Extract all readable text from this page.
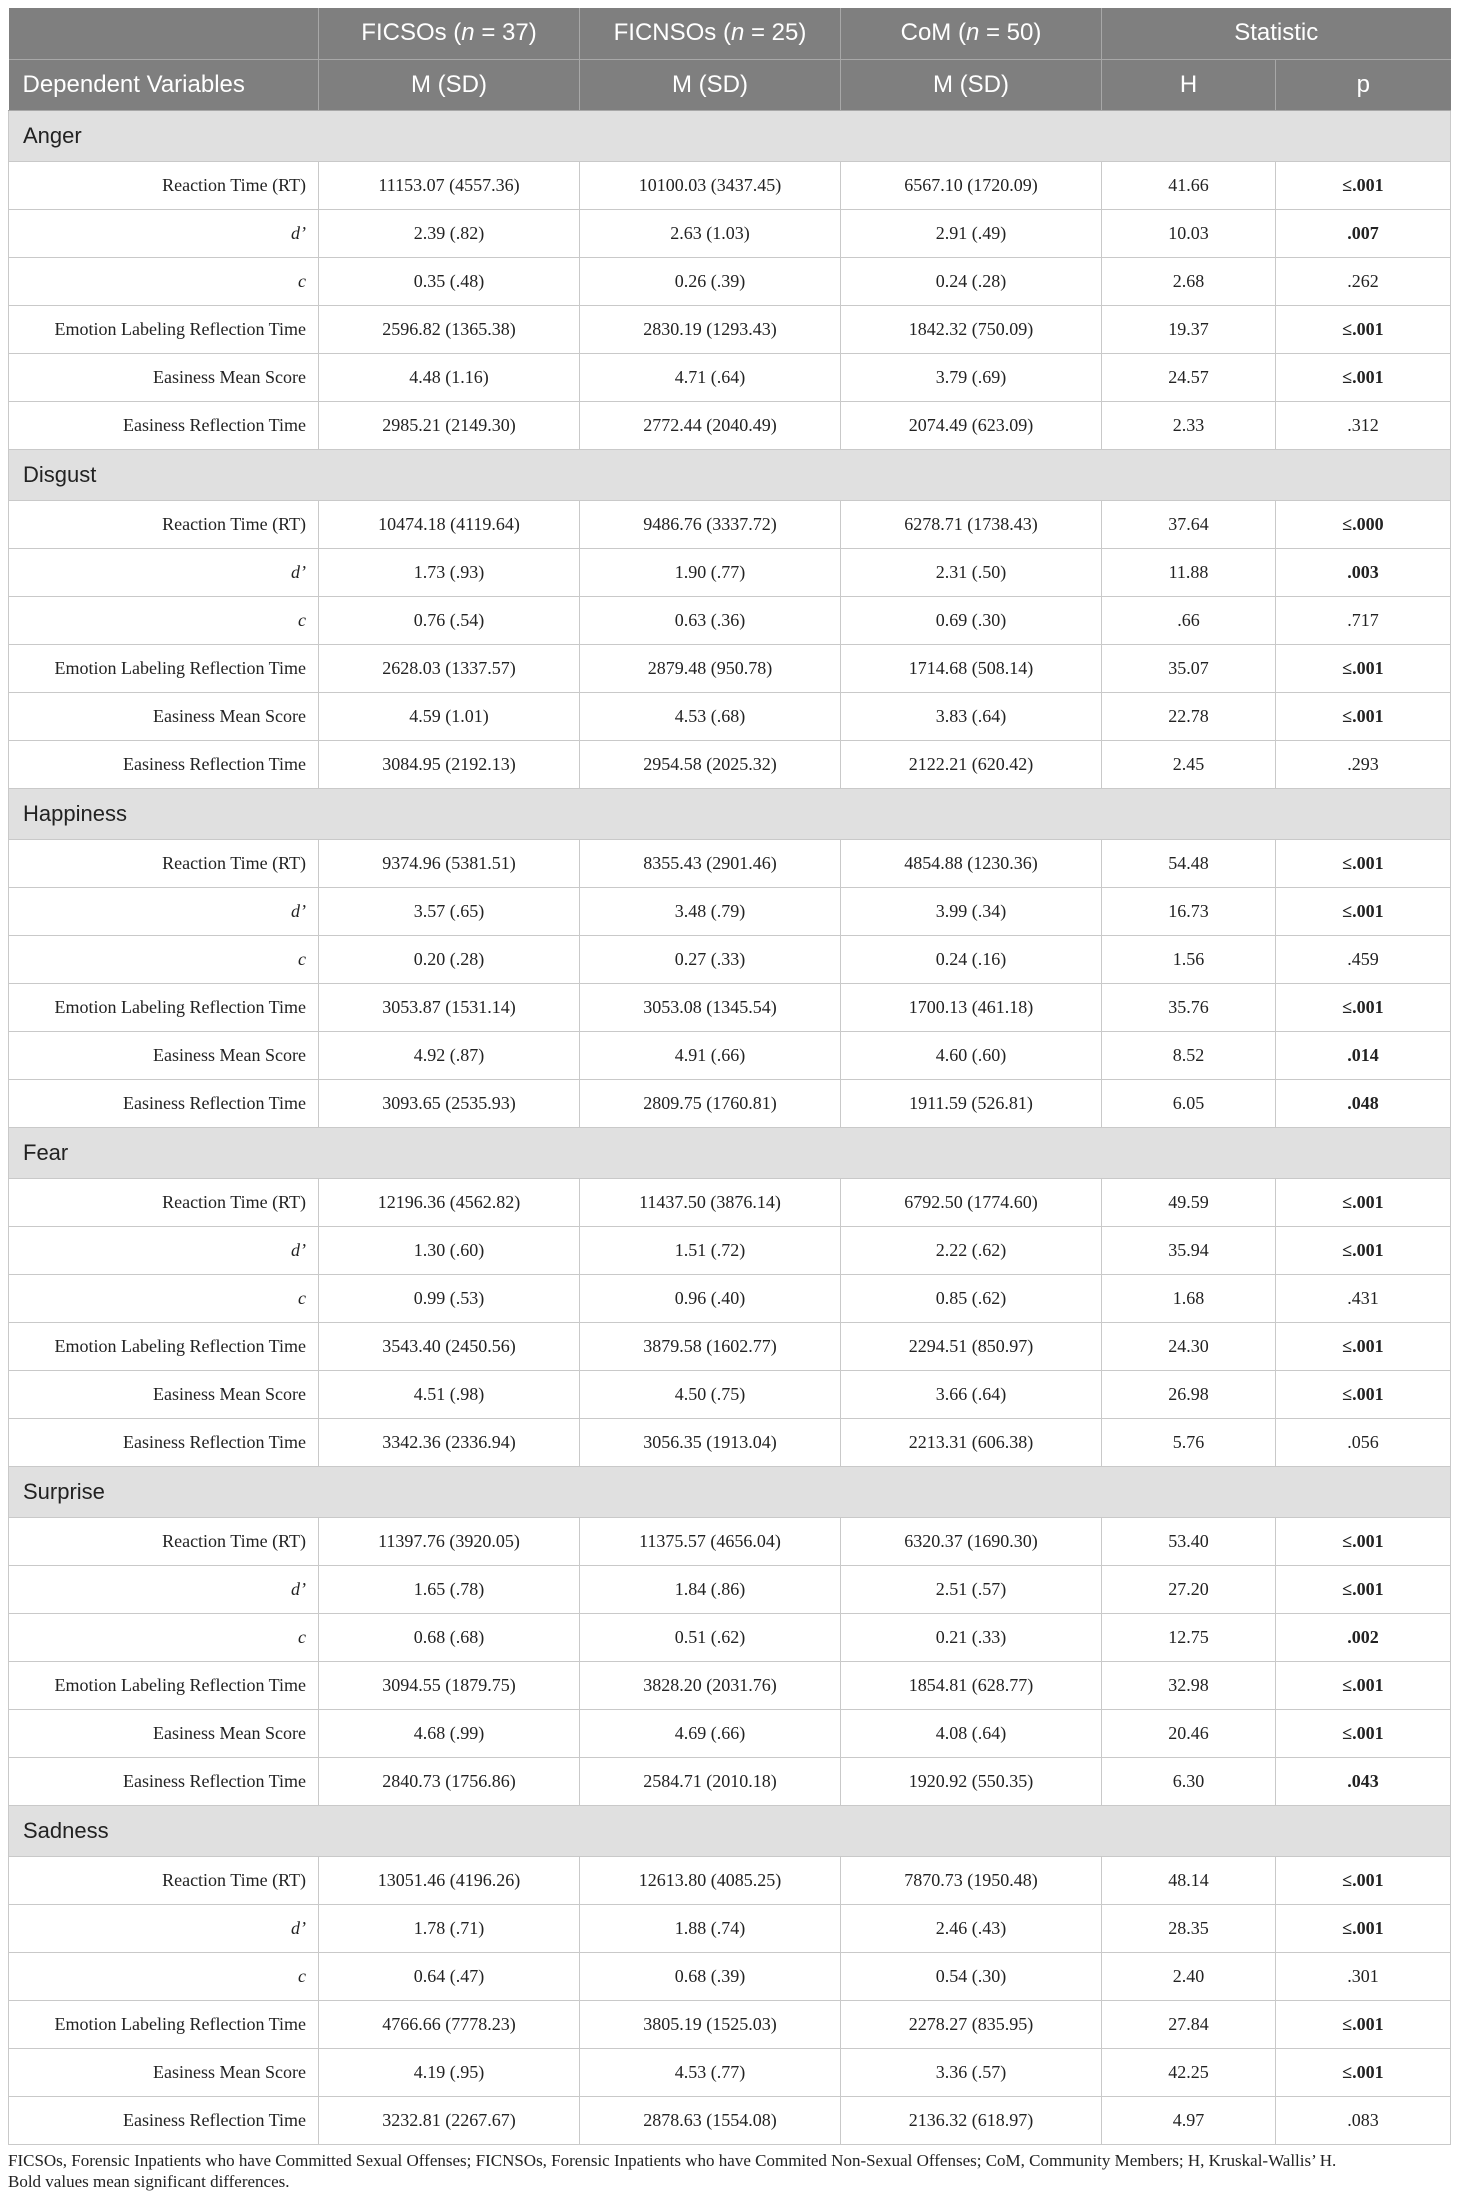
	FICSOs (n = 37)	FICNSOs (n = 25)	CoM (n = 50)	Statistic	
Dependent Variables	M (SD)	M (SD)	M (SD)	H	p
Anger					
Reaction Time (RT)	11153.07 (4557.36)	10100.03 (3437.45)	6567.10 (1720.09)	41.66	≤.001
d’	2.39 (.82)	2.63 (1.03)	2.91 (.49)	10.03	.007
c	0.35 (.48)	0.26 (.39)	0.24 (.28)	2.68	.262
Emotion Labeling Reflection Time	2596.82 (1365.38)	2830.19 (1293.43)	1842.32 (750.09)	19.37	≤.001
Easiness Mean Score	4.48 (1.16)	4.71 (.64)	3.79 (.69)	24.57	≤.001
Easiness Reflection Time	2985.21 (2149.30)	2772.44 (2040.49)	2074.49 (623.09)	2.33	.312
Disgust					
Reaction Time (RT)	10474.18 (4119.64)	9486.76 (3337.72)	6278.71 (1738.43)	37.64	≤.000
d’	1.73 (.93)	1.90 (.77)	2.31 (.50)	11.88	.003
c	0.76 (.54)	0.63 (.36)	0.69 (.30)	.66	.717
Emotion Labeling Reflection Time	2628.03 (1337.57)	2879.48 (950.78)	1714.68 (508.14)	35.07	≤.001
Easiness Mean Score	4.59 (1.01)	4.53 (.68)	3.83 (.64)	22.78	≤.001
Easiness Reflection Time	3084.95 (2192.13)	2954.58 (2025.32)	2122.21 (620.42)	2.45	.293
Happiness					
Reaction Time (RT)	9374.96 (5381.51)	8355.43 (2901.46)	4854.88 (1230.36)	54.48	≤.001
d’	3.57 (.65)	3.48 (.79)	3.99 (.34)	16.73	≤.001
c	0.20 (.28)	0.27 (.33)	0.24 (.16)	1.56	.459
Emotion Labeling Reflection Time	3053.87 (1531.14)	3053.08 (1345.54)	1700.13 (461.18)	35.76	≤.001
Easiness Mean Score	4.92 (.87)	4.91 (.66)	4.60 (.60)	8.52	.014
Easiness Reflection Time	3093.65 (2535.93)	2809.75 (1760.81)	1911.59 (526.81)	6.05	.048
Fear					
Reaction Time (RT)	12196.36 (4562.82)	11437.50 (3876.14)	6792.50 (1774.60)	49.59	≤.001
d’	1.30 (.60)	1.51 (.72)	2.22 (.62)	35.94	≤.001
c	0.99 (.53)	0.96 (.40)	0.85 (.62)	1.68	.431
Emotion Labeling Reflection Time	3543.40 (2450.56)	3879.58 (1602.77)	2294.51 (850.97)	24.30	≤.001
Easiness Mean Score	4.51 (.98)	4.50 (.75)	3.66 (.64)	26.98	≤.001
Easiness Reflection Time	3342.36 (2336.94)	3056.35 (1913.04)	2213.31 (606.38)	5.76	.056
Surprise					
Reaction Time (RT)	11397.76 (3920.05)	11375.57 (4656.04)	6320.37 (1690.30)	53.40	≤.001
d’	1.65 (.78)	1.84 (.86)	2.51 (.57)	27.20	≤.001
c	0.68 (.68)	0.51 (.62)	0.21 (.33)	12.75	.002
Emotion Labeling Reflection Time	3094.55 (1879.75)	3828.20 (2031.76)	1854.81 (628.77)	32.98	≤.001
Easiness Mean Score	4.68 (.99)	4.69 (.66)	4.08 (.64)	20.46	≤.001
Easiness Reflection Time	2840.73 (1756.86)	2584.71 (2010.18)	1920.92 (550.35)	6.30	.043
Sadness					
Reaction Time (RT)	13051.46 (4196.26)	12613.80 (4085.25)	7870.73 (1950.48)	48.14	≤.001
d’	1.78 (.71)	1.88 (.74)	2.46 (.43)	28.35	≤.001
c	0.64 (.47)	0.68 (.39)	0.54 (.30)	2.40	.301
Emotion Labeling Reflection Time	4766.66 (7778.23)	3805.19 (1525.03)	2278.27 (835.95)	27.84	≤.001
Easiness Mean Score	4.19 (.95)	4.53 (.77)	3.36 (.57)	42.25	≤.001
Easiness Reflection Time	3232.81 (2267.67)	2878.63 (1554.08)	2136.32 (618.97)	4.97	.083

FICSOs, Forensic Inpatients who have Committed Sexual Offenses; FICNSOs, Forensic Inpatients who have Commited Non-Sexual Offenses; CoM, Community Members; H, Kruskal-Wallis’ H.

Bold values mean significant differences.
